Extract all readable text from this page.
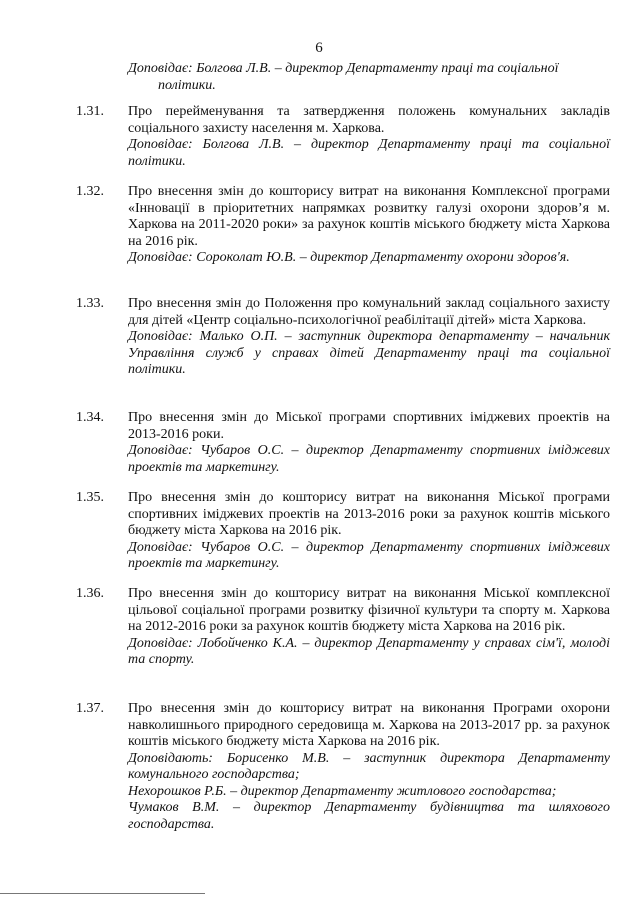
6
Доповідає: Болгова Л.В. – директор Департаменту праці та соціальної
політики.
1.31. Про перейменування та затвердження положень комунальних закладів соціального захисту населення м. Харкова.
Доповідає: Болгова Л.В. – директор Департаменту праці та соціальної політики.
1.32. Про внесення змін до кошторису витрат на виконання Комплексної програми «Інновації в пріоритетних напрямках розвитку галузі охорони здоров’я м. Харкова на 2011-2020 роки» за рахунок коштів міського бюджету міста Харкова на 2016 рік.
Доповідає: Сороколат Ю.В. – директор Департаменту охорони здоров'я.
1.33. Про внесення змін до Положення про комунальний заклад соціального захисту для дітей «Центр соціально-психологічної реабілітації дітей» міста Харкова.
Доповідає: Малько О.П. – заступник директора департаменту – начальник Управління служб у справах дітей Департаменту праці та соціальної політики.
1.34. Про внесення змін до Міської програми спортивних іміджевих проектів на 2013-2016 роки.
Доповідає: Чубаров О.С. – директор Департаменту спортивних іміджевих проектів та маркетингу.
1.35. Про внесення змін до кошторису витрат на виконання Міської програми спортивних іміджевих проектів на 2013-2016 роки за рахунок коштів міського бюджету міста Харкова на 2016 рік.
Доповідає: Чубаров О.С. – директор Департаменту спортивних іміджевих проектів та маркетингу.
1.36. Про внесення змін до кошторису витрат на виконання Міської комплексної цільової соціальної програми розвитку фізичної культури та спорту м. Харкова на 2012-2016 роки за рахунок коштів бюджету міста Харкова на 2016 рік.
Доповідає: Лобойченко К.А. – директор Департаменту у справах сім'ї, молоді та спорту.
1.37. Про внесення змін до кошторису витрат на виконання Програми охорони навколишнього природного середовища м. Харкова на 2013-2017 рр. за рахунок коштів міського бюджету міста Харкова на 2016 рік.
Доповідають: Борисенко М.В. – заступник директора Департаменту комунального господарства;
Нехорошков Р.Б. – директор Департаменту житлового господарства;
Чумаков В.М. – директор Департаменту будівництва та шляхового господарства.
